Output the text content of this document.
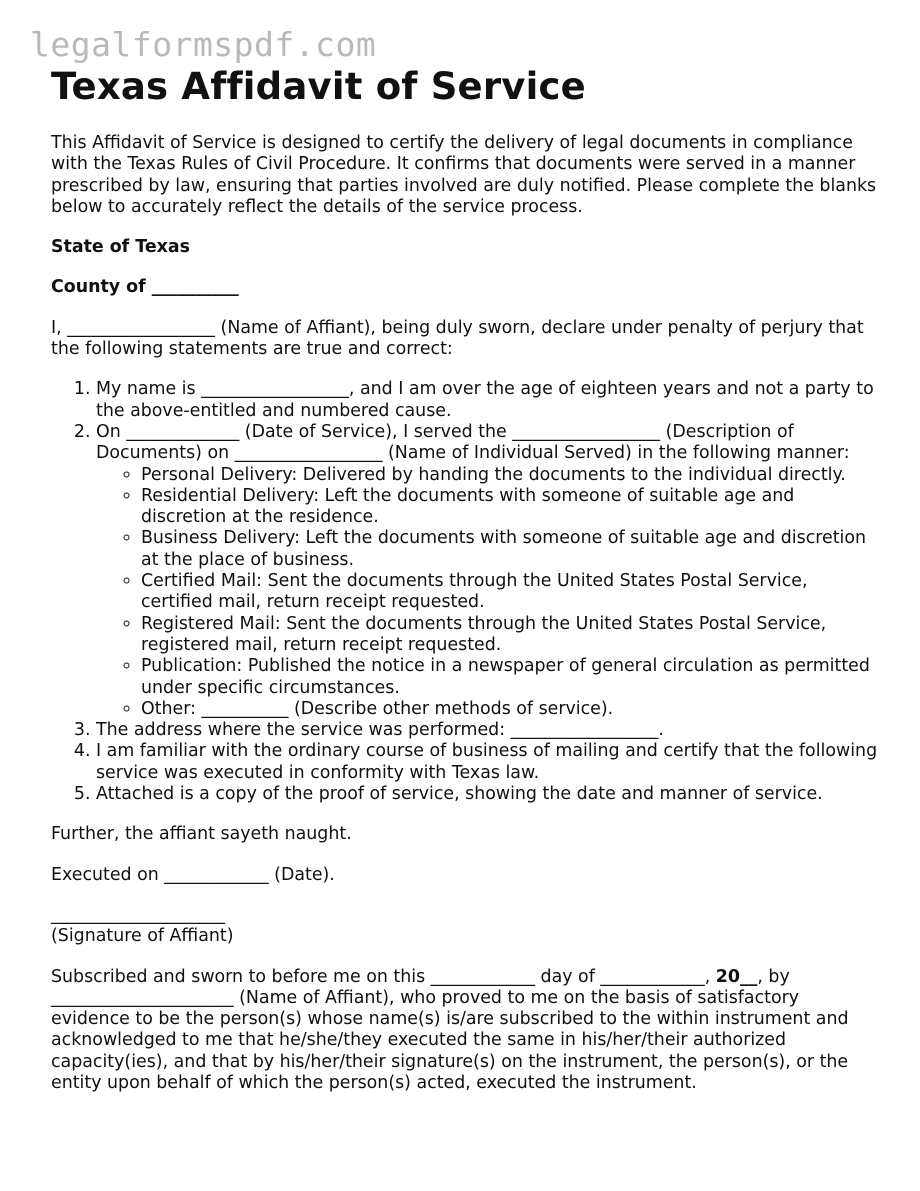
legalformspdf.com
Texas Affidavit of Service

This Affidavit of Service is designed to certify the delivery of legal documents in compliance with the Texas Rules of Civil Procedure. It confirms that documents were served in a manner prescribed by law, ensuring that parties involved are duly notified. Please complete the blanks below to accurately reflect the details of the service process.

State of Texas

County of __________

I, _________________ (Name of Affiant), being duly sworn, declare under penalty of perjury that the following statements are true and correct:

1. My name is _________________, and I am over the age of eighteen years and not a party to the above-entitled and numbered cause.
2. On _____________ (Date of Service), I served the _________________ (Description of Documents) on _________________ (Name of Individual Served) in the following manner:
◦ Personal Delivery: Delivered by handing the documents to the individual directly.
◦ Residential Delivery: Left the documents with someone of suitable age and discretion at the residence.
◦ Business Delivery: Left the documents with someone of suitable age and discretion at the place of business.
◦ Certified Mail: Sent the documents through the United States Postal Service, certified mail, return receipt requested.
◦ Registered Mail: Sent the documents through the United States Postal Service, registered mail, return receipt requested.
◦ Publication: Published the notice in a newspaper of general circulation as permitted under specific circumstances.
◦ Other: __________ (Describe other methods of service).
3. The address where the service was performed: _________________.
4. I am familiar with the ordinary course of business of mailing and certify that the following service was executed in conformity with Texas law.
5. Attached is a copy of the proof of service, showing the date and manner of service.

Further, the affiant sayeth naught.

Executed on ____________ (Date).

____________________

(Signature of Affiant)

Subscribed and sworn to before me on this ____________ day of ____________, 20__, by _____________________ (Name of Affiant), who proved to me on the basis of satisfactory evidence to be the person(s) whose name(s) is/are subscribed to the within instrument and acknowledged to me that he/she/they executed the same in his/her/their authorized capacity(ies), and that by his/her/their signature(s) on the instrument, the person(s), or the entity upon behalf of which the person(s) acted, executed the instrument.
